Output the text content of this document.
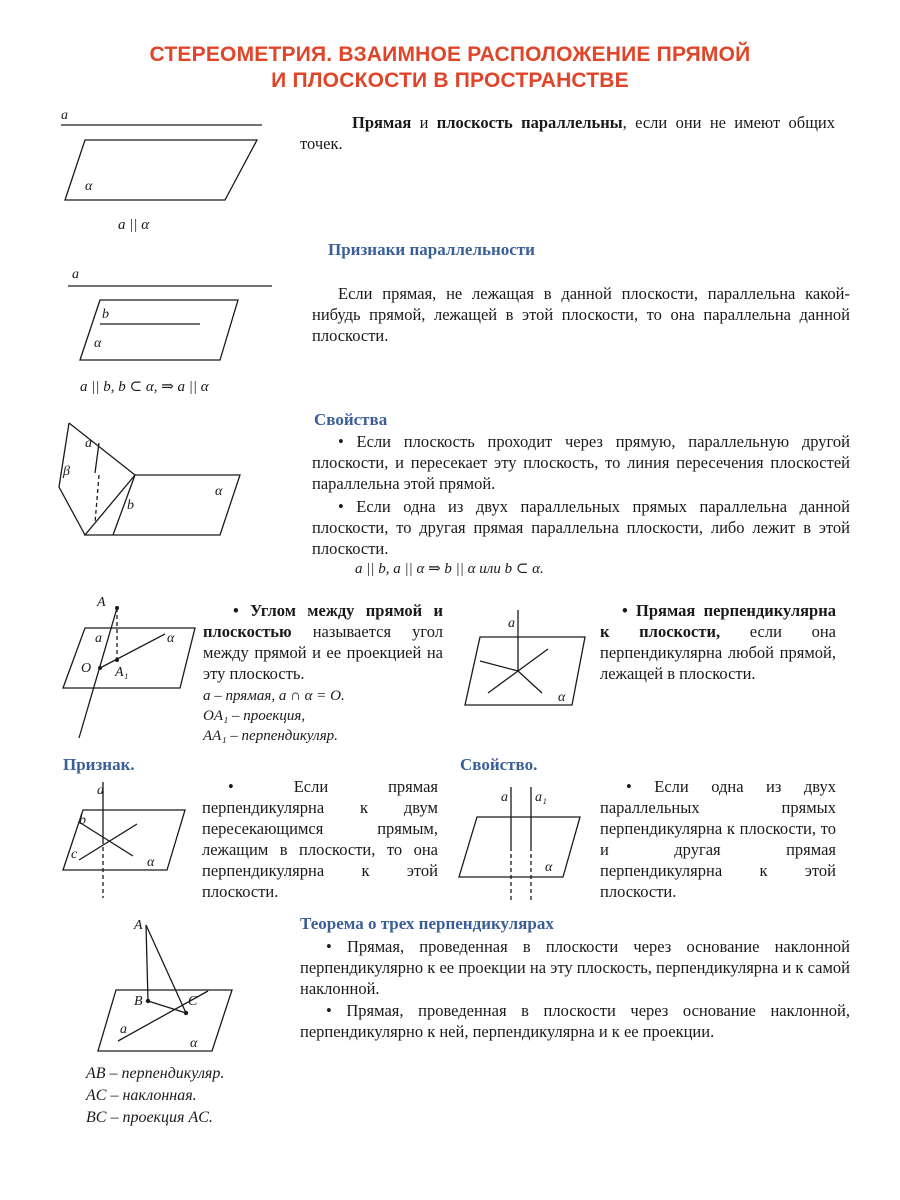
СТЕРЕОМЕТРИЯ. ВЗАИМНОЕ РАСПОЛОЖЕНИЕ ПРЯМОЙ
И ПЛОСКОСТИ В ПРОСТРАНСТВЕ
a
α
a || α
Прямая и плоскость параллельны, если они не имеют общих точек.
Признаки параллельности
a
b
α
a || b, b ⊂ α, ⇒ a || α
Если прямая, не лежащая в данной плоскости, параллельна какой-нибудь прямой, лежащей в этой плоскости, то она параллельна данной плоскости.
Свойства
a
β
b
α
• Если плоскость проходит через прямую, параллельную другой плоскости, и пересекает эту плоскость, то линия пересечения плоскостей параллельна этой прямой.
• Если одна из двух параллельных прямых параллельна данной плоскости, то другая прямая параллельна плоскости, либо лежит в этой плоскости.
a || b, a || α ⇒ b || α или b ⊂ α.
A
a
O A₁
α
• Углом между прямой и плоскостью называется угол между прямой и ее проекцией на эту плоскость.
a – прямая, a ∩ α = O.
OA₁ – проекция,
AA₁ – перпендикуляр.
a
α
• Прямая перпендикулярна к плоскости, если она перпендикулярна любой прямой, лежащей в плоскости.
Признак.
a
b
c
α
• Если прямая перпендикулярна к двум пересекающимся прямым, лежащим в плоскости, то она перпендикулярна к этой плоскости.
Свойство.
a a₁
α
• Если одна из двух параллельных прямых перпендикулярна к плоскости, то и другая прямая перпендикулярна к этой плоскости.
A
B	C
a
α
AB – перпендикуляр.
AC – наклонная.
BC – проекция AC.
Теорема о трех перпендикулярах
• Прямая, проведенная в плоскости через основание наклонной перпендикулярно к ее проекции на эту плоскость, перпендикулярна и к самой наклонной.
• Прямая, проведенная в плоскости через основание наклонной, перпендикулярно к ней, перпендикулярна и к ее проекции.
